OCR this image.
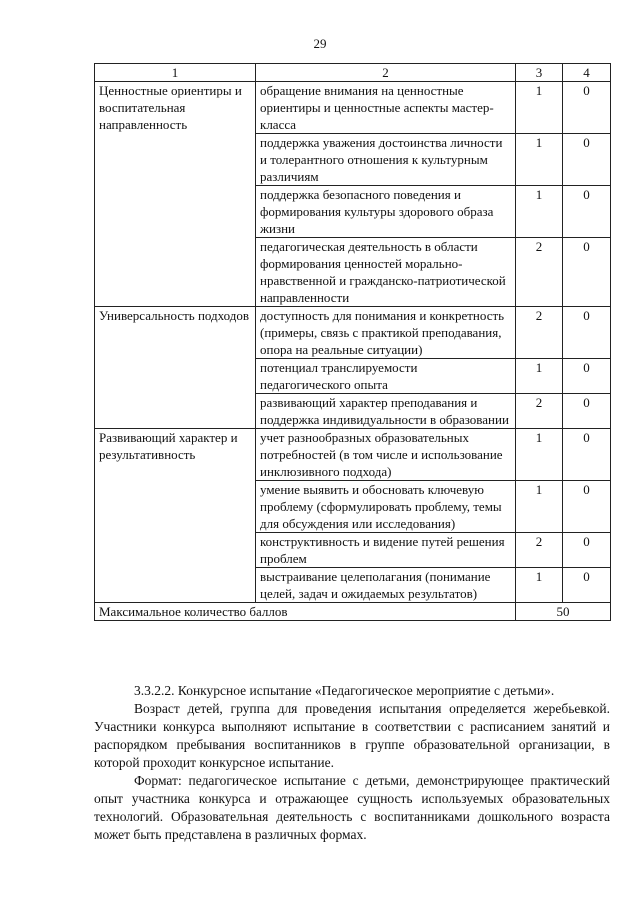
29
1	2	3	4
Ценностные ориентиры и воспитательная направленность	обращение внимания на ценностные ориентиры и ценностные аспекты мастер-класса	1	0
	поддержка уважения достоинства личности и толерантного отношения к культурным различиям	1	0
	поддержка безопасного поведения и формирования культуры здорового образа жизни	1	0
	педагогическая деятельность в области формирования ценностей морально-нравственной и гражданско-патриотической направленности	2	0
Универсальность подходов	доступность для понимания и конкретность (примеры, связь с практикой преподавания, опора на реальные ситуации)	2	0
	потенциал транслируемости педагогического опыта	1	0
	развивающий характер преподавания и поддержка индивидуальности в образовании	2	0
Развивающий характер и результативность	учет разнообразных образовательных потребностей (в том числе и использование инклюзивного подхода)	1	0
	умение выявить и обосновать ключевую проблему (сформулировать проблему, темы для обсуждения или исследования)	1	0
	конструктивность и видение путей решения проблем	2	0
	выстраивание целеполагания (понимание целей, задач и ожидаемых результатов)	1	0
Максимальное количество баллов		50	

3.3.2.2. Конкурсное испытание «Педагогическое мероприятие с детьми».

Возраст детей, группа для проведения испытания определяется жеребьевкой. Участники конкурса выполняют испытание в соответствии с расписанием занятий и распорядком пребывания воспитанников в группе образовательной организации, в которой проходит конкурсное испытание.

Формат: педагогическое испытание с детьми, демонстрирующее практический опыт участника конкурса и отражающее сущность используемых образовательных технологий. Образовательная деятельность с воспитанниками дошкольного возраста может быть представлена в различных формах.
